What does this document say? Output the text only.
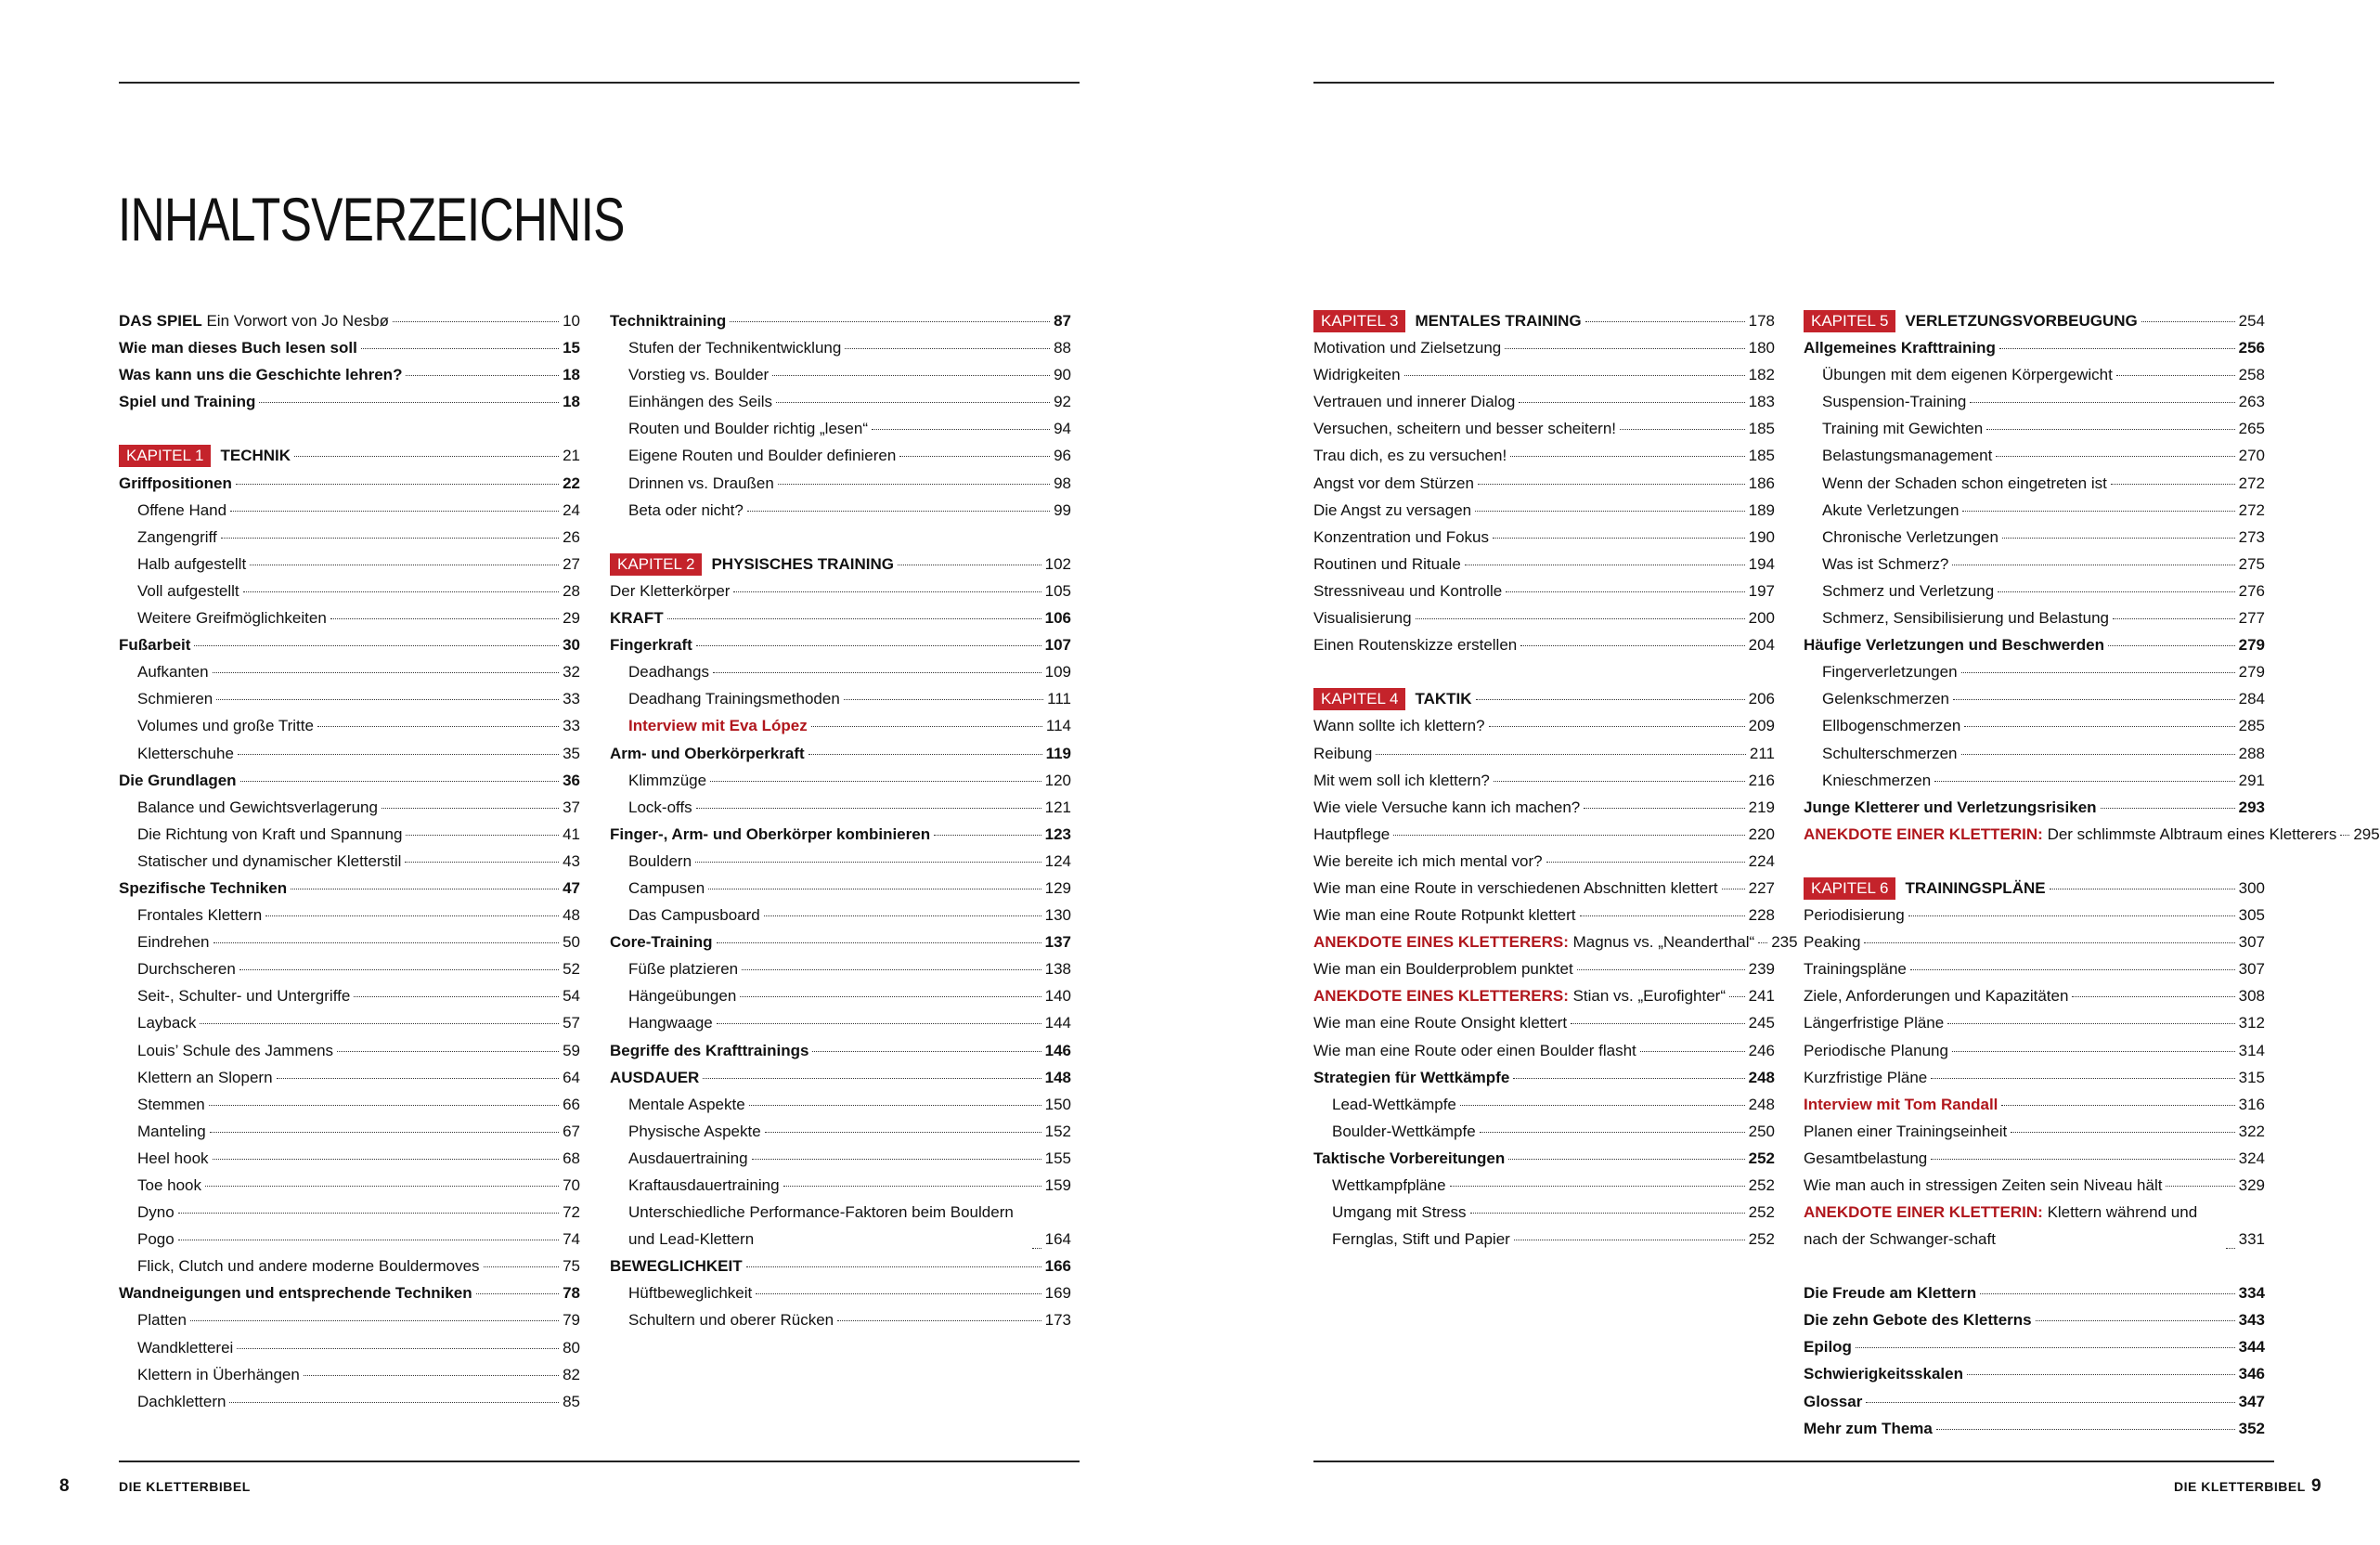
INHALTSVERZEICHNIS
DAS SPIEL Ein Vorwort von Jo Nesbø	10
Wie man dieses Buch lesen soll	15
Was kann uns die Geschichte lehren?	18
Spiel und Training	18
KAPITEL 1 TECHNIK	21
Griffpositionen	22
Offene Hand	24
Zangengriff	26
Halb aufgestellt	27
Voll aufgestellt	28
Weitere Greifmöglichkeiten	29
Fußarbeit	30
Aufkanten	32
Schmieren	33
Volumes und große Tritte	33
Kletterschuhe	35
Die Grundlagen	36
Balance und Gewichtsverlagerung	37
Die Richtung von Kraft und Spannung	41
Statischer und dynamischer Kletterstil	43
Spezifische Techniken	47
Frontales Klettern	48
Eindrehen	50
Durchscheren	52
Seit-, Schulter- und Untergriffe	54
Layback	57
Louis’ Schule des Jammens	59
Klettern an Slopern	64
Stemmen	66
Manteling	67
Heel hook	68
Toe hook	70
Dyno	72
Pogo	74
Flick, Clutch und andere moderne Bouldermoves	75
Wandneigungen und entsprechende Techniken	78
Platten	79
Wandkletterei	80
Klettern in Überhängen	82
Dachklettern	85
Techniktraining	87
Stufen der Technikentwicklung	88
Vorstieg vs. Boulder	90
Einhängen des Seils	92
Routen und Boulder richtig „lesen“	94
Eigene Routen und Boulder definieren	96
Drinnen vs. Draußen	98
Beta oder nicht?	99
KAPITEL 2 PHYSISCHES TRAINING	102
Der Kletterkörper	105
KRAFT	106
Fingerkraft	107
Deadhangs	109
Deadhang Trainingsmethoden	111
Interview mit Eva López	114
Arm- und Oberkörperkraft	119
Klimmzüge	120
Lock-offs	121
Finger-, Arm- und Oberkörper kombinieren	123
Bouldern	124
Campusen	129
Das Campusboard	130
Core-Training	137
Füße platzieren	138
Hängeübungen	140
Hangwaage	144
Begriffe des Krafttrainings	146
AUSDAUER	148
Mentale Aspekte	150
Physische Aspekte	152
Ausdauertraining	155
Kraftausdauertraining	159
Unterschiedliche Performance-Faktoren beim Bouldern und Lead-Klettern	164
BEWEGLICHKEIT	166
Hüftbeweglichkeit	169
Schultern und oberer Rücken	173
KAPITEL 3 MENTALES TRAINING	178
Motivation und Zielsetzung	180
Widrigkeiten	182
Vertrauen und innerer Dialog	183
Versuchen, scheitern und besser scheitern!	185
Trau dich, es zu versuchen!	185
Angst vor dem Stürzen	186
Die Angst zu versagen	189
Konzentration und Fokus	190
Routinen und Rituale	194
Stressniveau und Kontrolle	197
Visualisierung	200
Einen Routenskizze erstellen	204
KAPITEL 4 TAKTIK	206
Wann sollte ich klettern?	209
Reibung	211
Mit wem soll ich klettern?	216
Wie viele Versuche kann ich machen?	219
Hautpflege	220
Wie bereite ich mich mental vor?	224
Wie man eine Route in verschiedenen Abschnitten klettert 227
Wie man eine Route Rotpunkt klettert	228
ANEKDOTE EINES KLETTERERS: Magnus vs. „Neanderthal“ 235
Wie man ein Boulderproblem punktet	239
ANEKDOTE EINES KLETTERERS: Stian vs. „Eurofighter“ 241
Wie man eine Route Onsight klettert	245
Wie man eine Route oder einen Boulder flasht	246
Strategien für Wettkämpfe	248
Lead-Wettkämpfe	248
Boulder-Wettkämpfe	250
Taktische Vorbereitungen	252
Wettkampfpläne	252
Umgang mit Stress	252
Fernglas, Stift und Papier	252
KAPITEL 5 VERLETZUNGSVORBEUGUNG	254
Allgemeines Krafttraining	256
Übungen mit dem eigenen Körpergewicht	258
Suspension-Training	263
Training mit Gewichten	265
Belastungsmanagement	270
Wenn der Schaden schon eingetreten ist	272
Akute Verletzungen	272
Chronische Verletzungen	273
Was ist Schmerz?	275
Schmerz und Verletzung	276
Schmerz, Sensibilisierung und Belastung	277
Häufige Verletzungen und Beschwerden	279
Fingerverletzungen	279
Gelenkschmerzen	284
Ellbogenschmerzen	285
Schulterschmerzen	288
Knieschmerzen	291
Junge Kletterer und Verletzungsrisiken	293
ANEKDOTE EINER KLETTERIN: Der schlimmste Albtraum eines Kletterers 295
KAPITEL 6 TRAININGSPLÄNE	300
Periodisierung	305
Peaking	307
Trainingspläne	307
Ziele, Anforderungen und Kapazitäten	308
Längerfristige Pläne	312
Periodische Planung	314
Kurzfristige Pläne	315
Interview mit Tom Randall	316
Planen einer Trainingseinheit	322
Gesamtbelastung	324
Wie man auch in stressigen Zeiten sein Niveau hält	329
ANEKDOTE EINER KLETTERIN: Klettern während und nach der Schwanger-schaft	331
Die Freude am Klettern	334
Die zehn Gebote des Kletterns	343
Epilog	344
Schwierigkeitsskalen	346
Glossar	347
Mehr zum Thema	352
8	DIE KLETTERBIBEL	DIE KLETTERBIBEL 9
